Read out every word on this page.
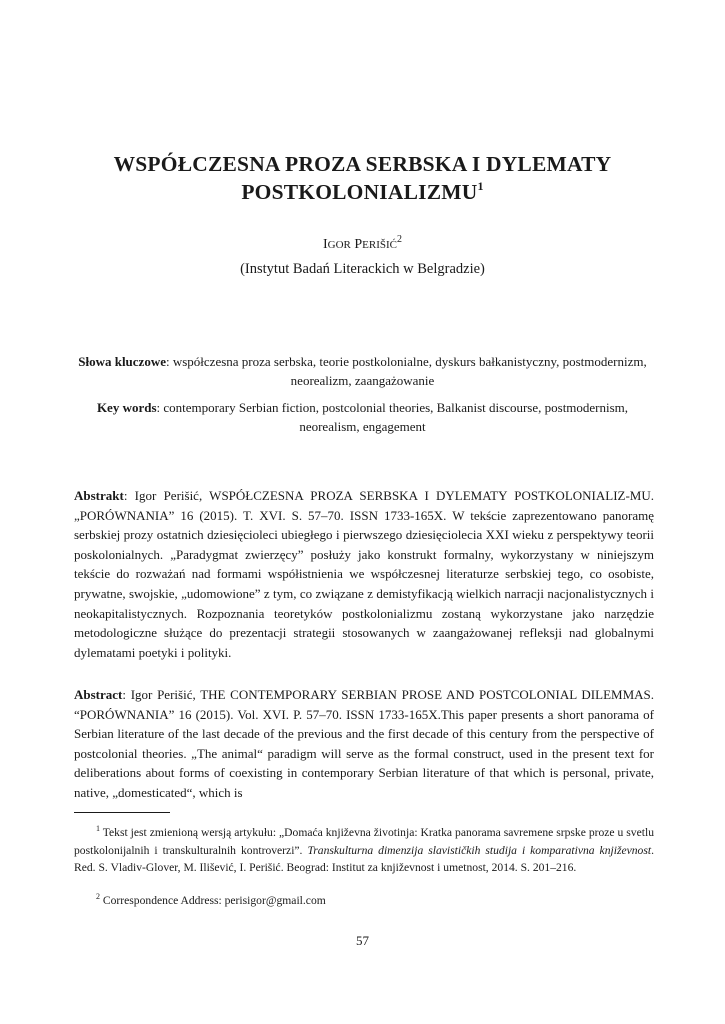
WSPÓŁCZESNA PROZA SERBSKA I DYLEMATY
POSTKOLONIALIZMU$^1$
IGOR PERIŠIĆ$^2$
(Instytut Badań Literackich w Belgradzie)
Słowa kluczowe: współczesna proza serbska, teorie postkolonialne, dyskurs bałkanistyczny, postmodernizm, neorealizm, zaangażowanie
Key words: contemporary Serbian fiction, postcolonial theories, Balkanist discourse, postmodernism, neorealism, engagement
Abstrakt: Igor Perišić, WSPÓŁCZESNA PROZA SERBSKA I DYLEMATY POSTKOLONIALIZ-MU. „PORÓWNANIA” 16 (2015). T. XVI. S. 57–70. ISSN 1733-165X. W tekście zaprezentowano panoramę serbskiej prozy ostatnich dziesięcioleci ubiegłego i pierwszego dziesięciolecia XXI wieku z perspektywy teorii poskolonialnych. „Paradygmat zwierzęcy” posłuży jako konstrukt formalny, wykorzystany w niniejszym tekście do rozważań nad formami współistnienia we współczesnej literaturze serbskiej tego, co osobiste, prywatne, swojskie, „udomowione” z tym, co związane z demistyfikacją wielkich narracji nacjonalistycznych i neokapitalistycznych. Rozpoznania teoretyków postkolonializmu zostaną wykorzystane jako narzędzie metodologiczne służące do prezentacji strategii stosowanych w zaangażowanej refleksji nad globalnymi dylematami poetyki i polityki.
Abstract: Igor Perišić, THE CONTEMPORARY SERBIAN PROSE AND POSTCOLONIAL DILEMMAS. “PORÓWNANIA” 16 (2015). Vol. XVI. P. 57–70. ISSN 1733-165X.This paper presents a short panorama of Serbian literature of the last decade of the previous and the first decade of this century from the perspective of postcolonial theories. „The animal“ paradigm will serve as the formal construct, used in the present text for deliberations about forms of coexisting in contemporary Serbian literature of that which is personal, private, native, „domesticated“, which is
$^1$ Tekst jest zmienioną wersją artykułu: „Domaća književna životinja: Kratka panorama savremene srpske proze u svetlu postkolonijalnih i transkulturalnih kontroverzi”. Transkulturna dimenzija slavističkih studija i komparativna književnost. Red. S. Vladiv-Glover, M. Ilišević, I. Perišić. Beograd: Institut za književnost i umetnost, 2014. S. 201–216.
$^2$ Correspondence Address: perisigor@gmail.com
57
